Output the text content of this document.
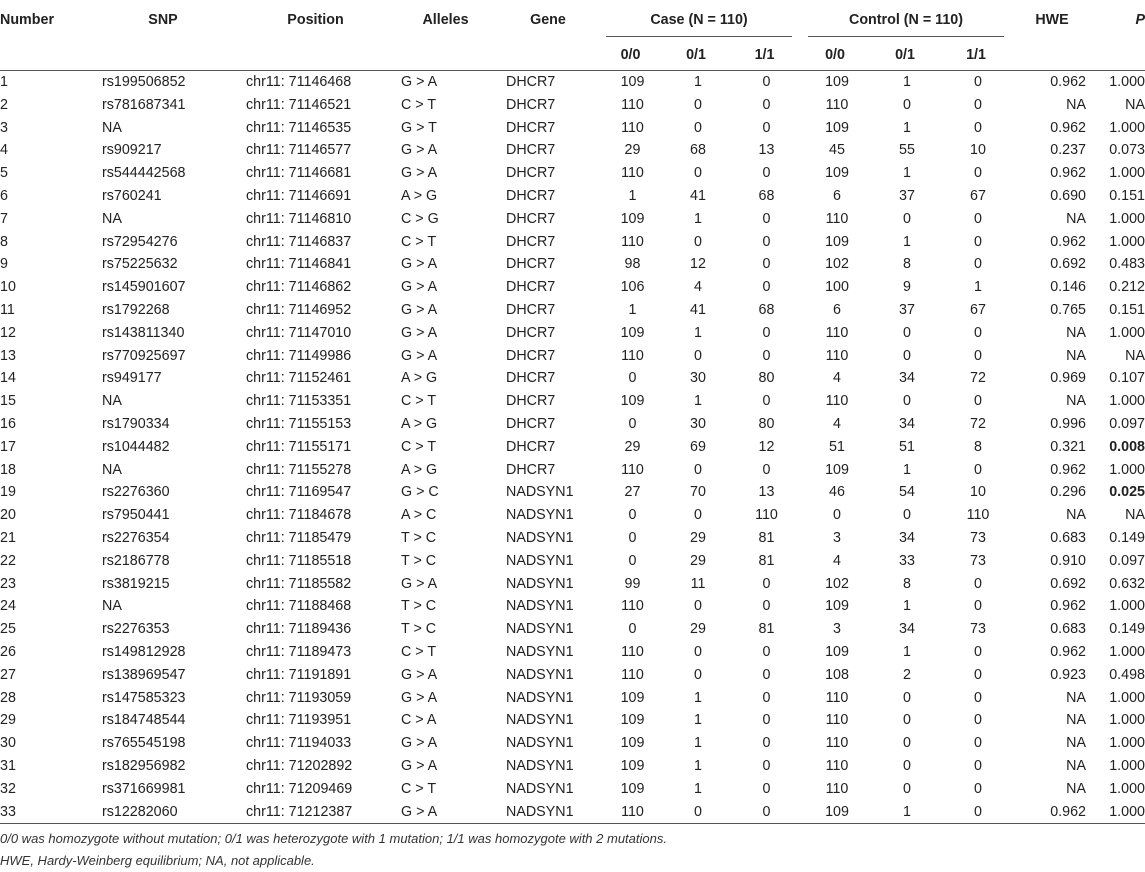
Number	SNP	Position	Alleles	Gene	Case (N = 110)			Control (N = 110)			HWE	P
					0/0	0/1	1/1	0/0	0/1	1/1		
1	rs199506852	chr11: 71146468	G > A	DHCR7	109	1	0	109	1	0	0.962	1.000
2	rs781687341	chr11: 71146521	C > T	DHCR7	110	0	0	110	0	0	NA	NA
3	NA	chr11: 71146535	G > T	DHCR7	110	0	0	109	1	0	0.962	1.000
4	rs909217	chr11: 71146577	G > A	DHCR7	29	68	13	45	55	10	0.237	0.073
5	rs544442568	chr11: 71146681	G > A	DHCR7	110	0	0	109	1	0	0.962	1.000
6	rs760241	chr11: 71146691	A > G	DHCR7	1	41	68	6	37	67	0.690	0.151
7	NA	chr11: 71146810	C > G	DHCR7	109	1	0	110	0	0	NA	1.000
8	rs72954276	chr11: 71146837	C > T	DHCR7	110	0	0	109	1	0	0.962	1.000
9	rs75225632	chr11: 71146841	G > A	DHCR7	98	12	0	102	8	0	0.692	0.483
10	rs145901607	chr11: 71146862	G > A	DHCR7	106	4	0	100	9	1	0.146	0.212
11	rs1792268	chr11: 71146952	G > A	DHCR7	1	41	68	6	37	67	0.765	0.151
12	rs143811340	chr11: 71147010	G > A	DHCR7	109	1	0	110	0	0	NA	1.000
13	rs770925697	chr11: 71149986	G > A	DHCR7	110	0	0	110	0	0	NA	NA
14	rs949177	chr11: 71152461	A > G	DHCR7	0	30	80	4	34	72	0.969	0.107
15	NA	chr11: 71153351	C > T	DHCR7	109	1	0	110	0	0	NA	1.000
16	rs1790334	chr11: 71155153	A > G	DHCR7	0	30	80	4	34	72	0.996	0.097
17	rs1044482	chr11: 71155171	C > T	DHCR7	29	69	12	51	51	8	0.321	0.008
18	NA	chr11: 71155278	A > G	DHCR7	110	0	0	109	1	0	0.962	1.000
19	rs2276360	chr11: 71169547	G > C	NADSYN1	27	70	13	46	54	10	0.296	0.025
20	rs7950441	chr11: 71184678	A > C	NADSYN1	0	0	110	0	0	110	NA	NA
21	rs2276354	chr11: 71185479	T > C	NADSYN1	0	29	81	3	34	73	0.683	0.149
22	rs2186778	chr11: 71185518	T > C	NADSYN1	0	29	81	4	33	73	0.910	0.097
23	rs3819215	chr11: 71185582	G > A	NADSYN1	99	11	0	102	8	0	0.692	0.632
24	NA	chr11: 71188468	T > C	NADSYN1	110	0	0	109	1	0	0.962	1.000
25	rs2276353	chr11: 71189436	T > C	NADSYN1	0	29	81	3	34	73	0.683	0.149
26	rs149812928	chr11: 71189473	C > T	NADSYN1	110	0	0	109	1	0	0.962	1.000
27	rs138969547	chr11: 71191891	G > A	NADSYN1	110	0	0	108	2	0	0.923	0.498
28	rs147585323	chr11: 71193059	G > A	NADSYN1	109	1	0	110	0	0	NA	1.000
29	rs184748544	chr11: 71193951	C > A	NADSYN1	109	1	0	110	0	0	NA	1.000
30	rs765545198	chr11: 71194033	G > A	NADSYN1	109	1	0	110	0	0	NA	1.000
31	rs182956982	chr11: 71202892	G > A	NADSYN1	109	1	0	110	0	0	NA	1.000
32	rs371669981	chr11: 71209469	C > T	NADSYN1	109	1	0	110	0	0	NA	1.000
33	rs12282060	chr11: 71212387	G > A	NADSYN1	110	0	0	109	1	0	0.962	1.000
0/0 was homozygote without mutation; 0/1 was heterozygote with 1 mutation; 1/1 was homozygote with 2 mutations.
HWE, Hardy-Weinberg equilibrium; NA, not applicable.
